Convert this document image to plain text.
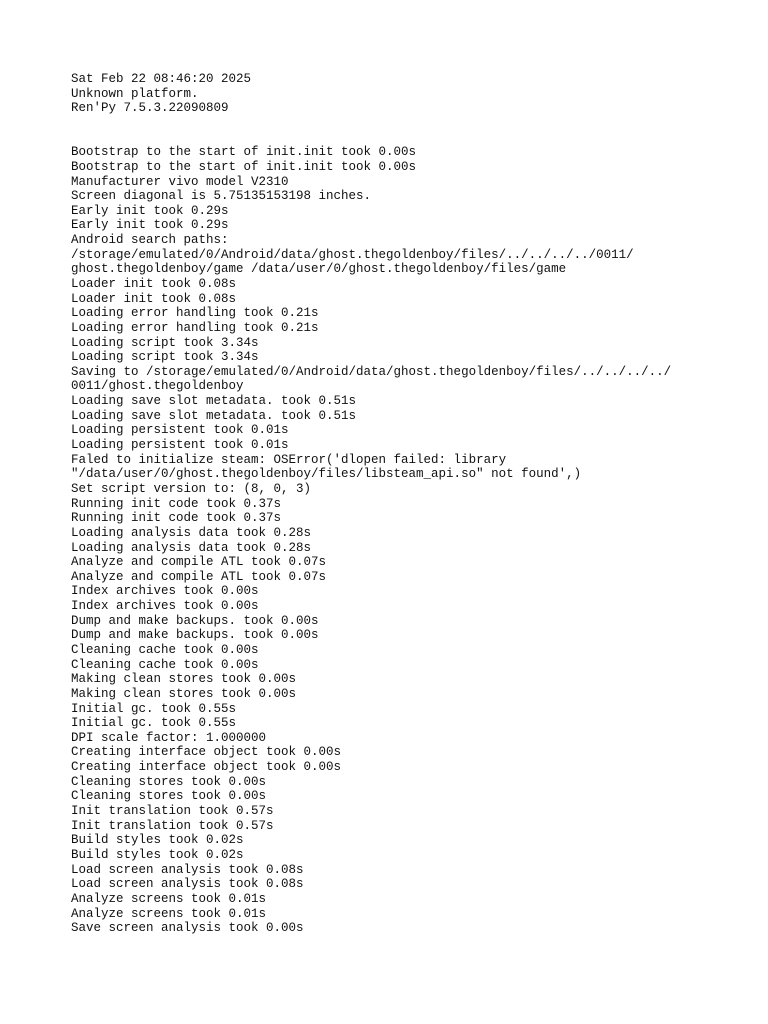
Sat Feb 22 08:46:20 2025
Unknown platform.
Ren'Py 7.5.3.22090809
Bootstrap to the start of init.init took 0.00s
Bootstrap to the start of init.init took 0.00s
Manufacturer vivo model V2310
Screen diagonal is 5.75135153198 inches.
Early init took 0.29s
Early init took 0.29s
Android search paths:
/storage/emulated/0/Android/data/ghost.thegoldenboy/files/../../../../0011/
ghost.thegoldenboy/game /data/user/0/ghost.thegoldenboy/files/game
Loader init took 0.08s
Loader init took 0.08s
Loading error handling took 0.21s
Loading error handling took 0.21s
Loading script took 3.34s
Loading script took 3.34s
Saving to /storage/emulated/0/Android/data/ghost.thegoldenboy/files/../../../../
0011/ghost.thegoldenboy
Loading save slot metadata. took 0.51s
Loading save slot metadata. took 0.51s
Loading persistent took 0.01s
Loading persistent took 0.01s
Faled to initialize steam: OSError('dlopen failed: library
"/data/user/0/ghost.thegoldenboy/files/libsteam_api.so" not found',)
Set script version to: (8, 0, 3)
Running init code took 0.37s
Running init code took 0.37s
Loading analysis data took 0.28s
Loading analysis data took 0.28s
Analyze and compile ATL took 0.07s
Analyze and compile ATL took 0.07s
Index archives took 0.00s
Index archives took 0.00s
Dump and make backups. took 0.00s
Dump and make backups. took 0.00s
Cleaning cache took 0.00s
Cleaning cache took 0.00s
Making clean stores took 0.00s
Making clean stores took 0.00s
Initial gc. took 0.55s
Initial gc. took 0.55s
DPI scale factor: 1.000000
Creating interface object took 0.00s
Creating interface object took 0.00s
Cleaning stores took 0.00s
Cleaning stores took 0.00s
Init translation took 0.57s
Init translation took 0.57s
Build styles took 0.02s
Build styles took 0.02s
Load screen analysis took 0.08s
Load screen analysis took 0.08s
Analyze screens took 0.01s
Analyze screens took 0.01s
Save screen analysis took 0.00s
